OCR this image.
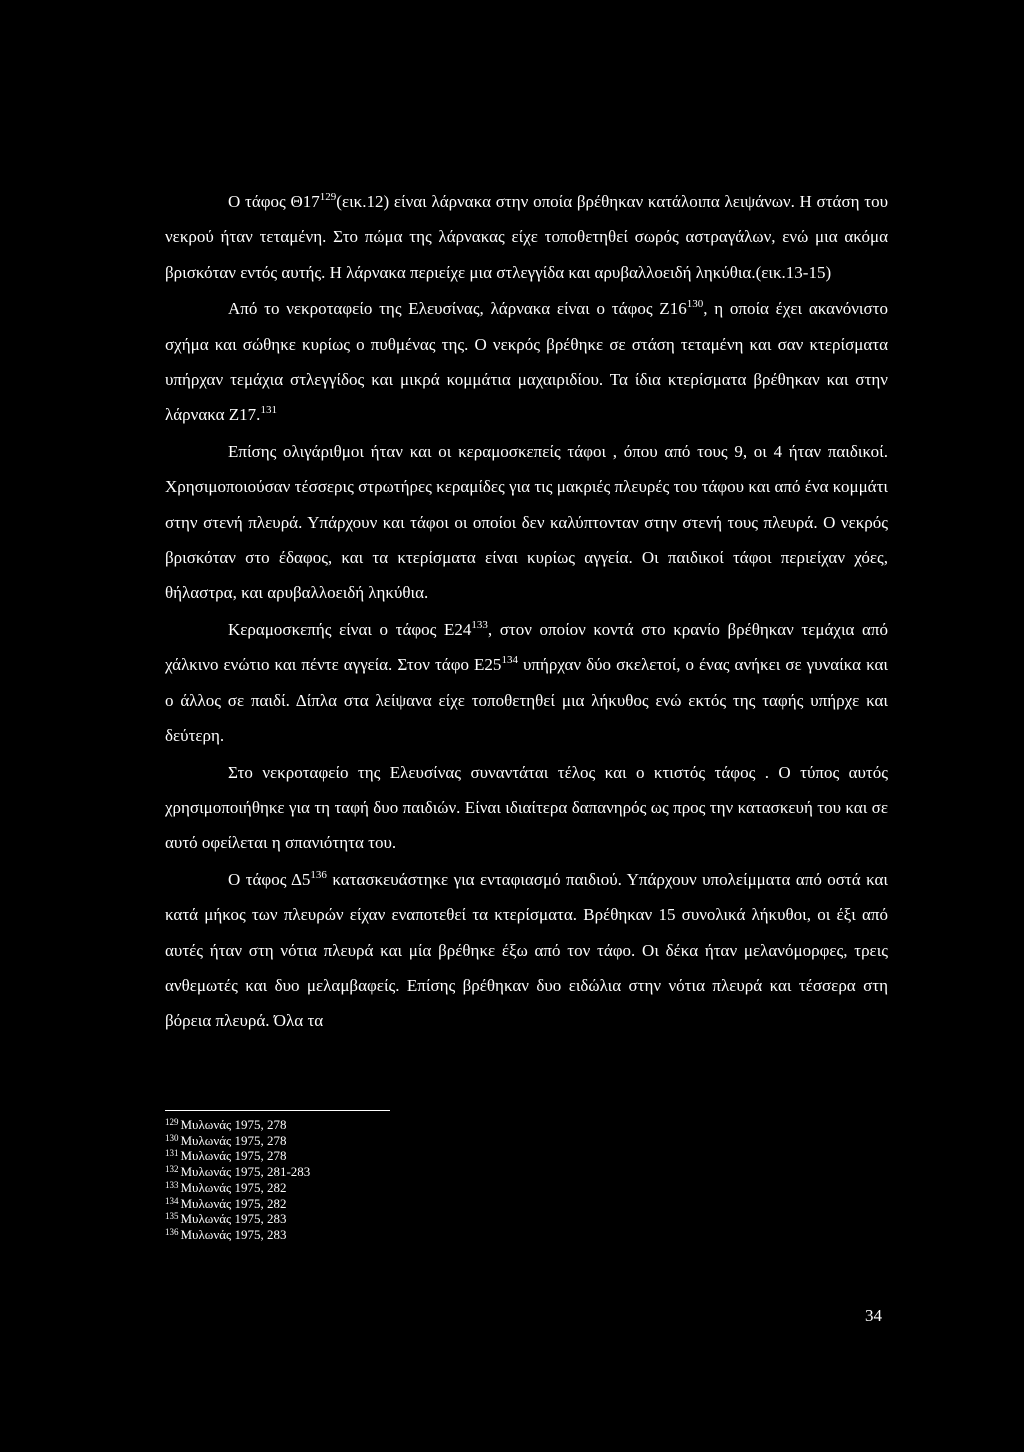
Ο τάφος $\Theta 17^{129}(\varepsilon\iota\kappa.12)$ είναι λάρνακα στην οποία βρέθηκαν κατάλοιπα λειψάνων. Η στάση του νεκρού ήταν τεταμένη. Στο πώμα της λάρνακας είχε τοποθετηθεί σωρός αστραγάλων, ενώ μια ακόμα βρισκόταν εντός αυτής. Η λάρνακα περιείχε μια στλεγγίδα και αρυβαλλοειδή ληκύθια.(εικ.13-15)

Από το νεκροταφείο της Ελευσίνας, λάρνακα είναι ο τάφος $Z16^{130}$, η οποία έχει ακανόνιστο σχήμα και σώθηκε κυρίως ο πυθμένας της. Ο νεκρός βρέθηκε σε στάση τεταμένη και σαν κτερίσματα υπήρχαν τεμάχια στλεγγίδος και μικρά κομμάτια μαχαιριδίου. Τα ίδια κτερίσματα βρέθηκαν και στην λάρνακα Ζ17.$^{131}$

Επίσης ολιγάριθμοι ήταν και οι κεραμοσκεπείς τάφοι , όπου από τους 9, οι 4 ήταν παιδικοί. Χρησιμοποιούσαν τέσσερις στρωτήρες κεραμίδες για τις μακριές πλευρές του τάφου και από ένα κομμάτι στην στενή πλευρά. Υπάρχουν και τάφοι οι οποίοι δεν καλύπτονταν στην στενή τους πλευρά. Ο νεκρός βρισκόταν στο έδαφος, και τα κτερίσματα είναι κυρίως αγγεία. Οι παιδικοί τάφοι περιείχαν χόες, θήλαστρα, και αρυβαλλοειδή ληκύθια.

Κεραμοσκεπής είναι ο τάφος $E24^{133}$, στον οποίον κοντά στο κρανίο βρέθηκαν τεμάχια από χάλκινο ενώτιο και πέντε αγγεία. Στον τάφο $E25^{134}$ υπήρχαν δύο σκελετοί, ο ένας ανήκει σε γυναίκα και ο άλλος σε παιδί. Δίπλα στα λείψανα είχε τοποθετηθεί μια λήκυθος ενώ εκτός της ταφής υπήρχε και δεύτερη.

Στο νεκροταφείο της Ελευσίνας συναντάται τέλος και ο κτιστός τάφος . Ο τύπος αυτός χρησιμοποιήθηκε για τη ταφή δυο παιδιών. Είναι ιδιαίτερα δαπανηρός ως προς την κατασκευή του και σε αυτό οφείλεται η σπανιότητα του.

Ο τάφος $\Delta 5^{136}$ κατασκευάστηκε για ενταφιασμό παιδιού. Υπάρχουν υπολείμματα από οστά και κατά μήκος των πλευρών είχαν εναποτεθεί τα κτερίσματα. Βρέθηκαν 15 συνολικά λήκυθοι, οι έξι από αυτές ήταν στη νότια πλευρά και μία βρέθηκε έξω από τον τάφο. Οι δέκα ήταν μελανόμορφες, τρεις ανθεμωτές και δυο μελαμβαφείς. Επίσης βρέθηκαν δυο ειδώλια στην νότια πλευρά και τέσσερα στη βόρεια πλευρά. Όλα τα

$^{129}$ Μυλωνάς 1975, 278
$^{130}$ Μυλωνάς 1975, 278
$^{131}$ Μυλωνάς 1975, 278
$^{132}$ Μυλωνάς 1975, 281-283
$^{133}$ Μυλωνάς 1975, 282
$^{134}$ Μυλωνάς 1975, 282
$^{135}$ Μυλωνάς 1975, 283
$^{136}$ Μυλωνάς 1975, 283
34
